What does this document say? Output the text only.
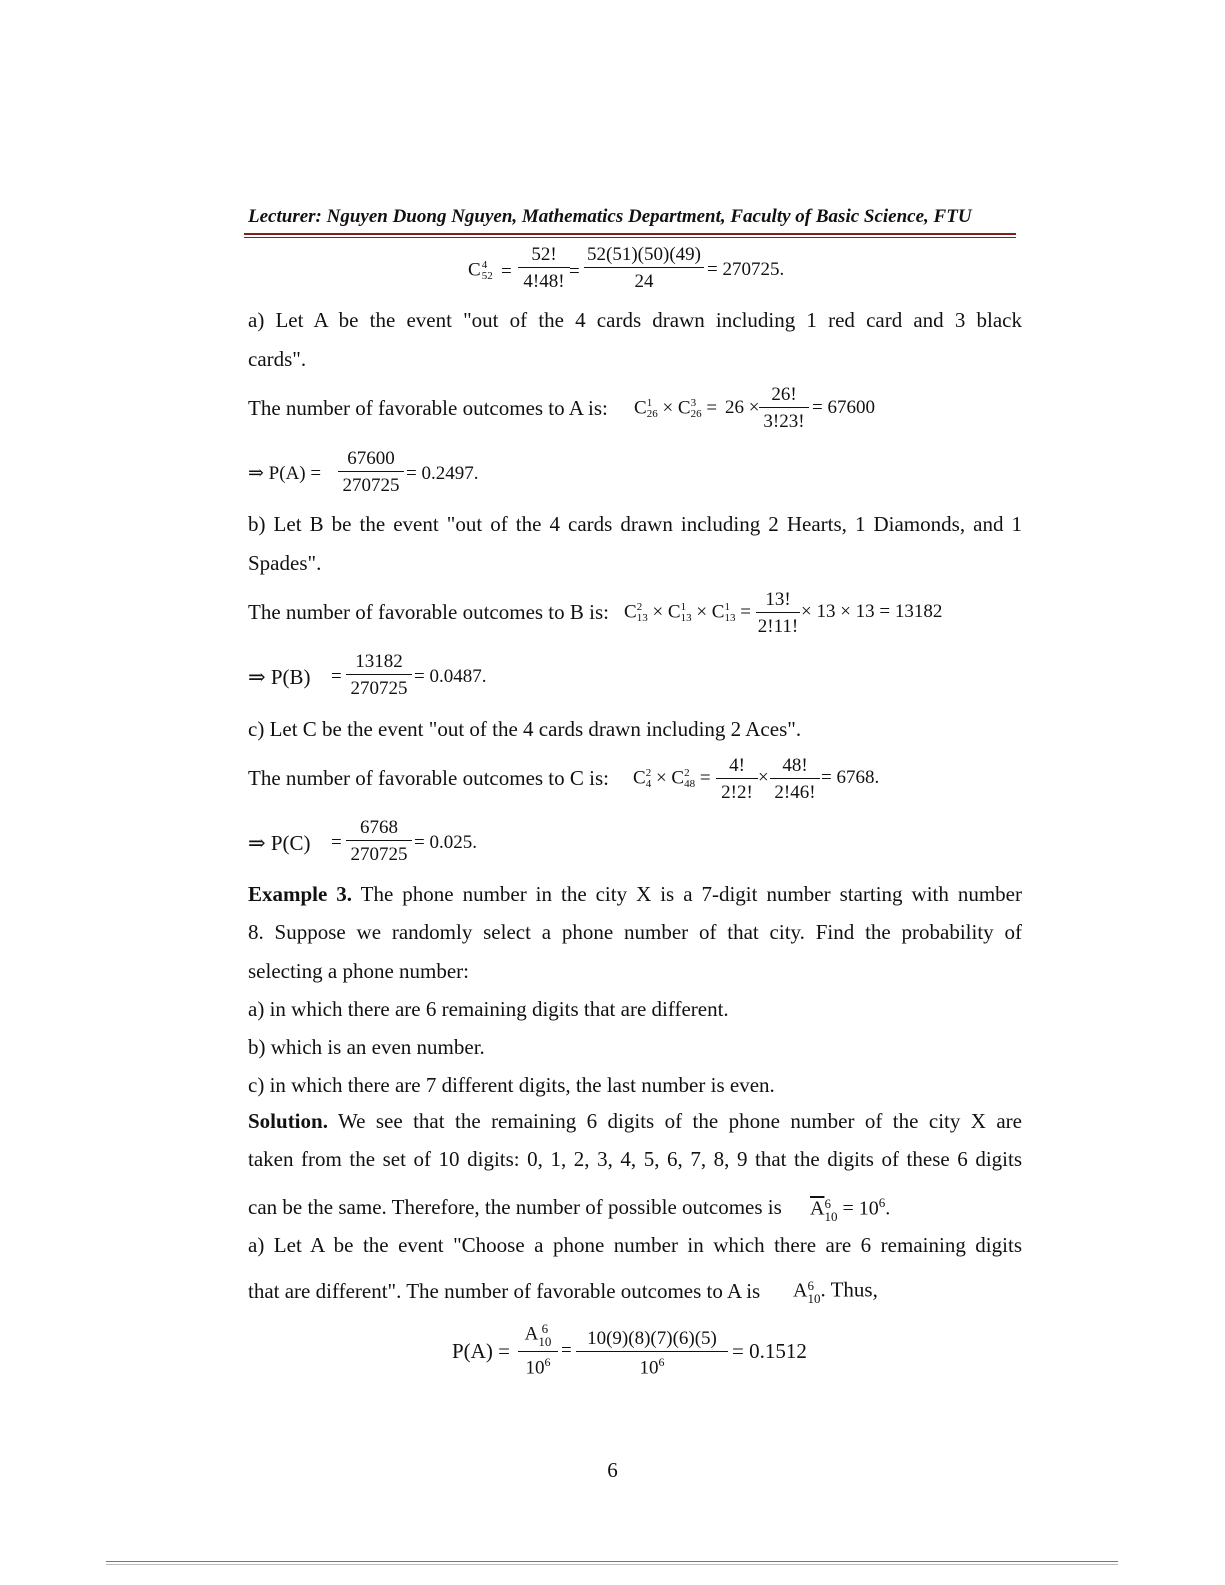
Lecturer: Nguyen Duong Nguyen, Mathematics Department, Faculty of Basic Science, FTU
C 4
$52 = \frac{52!}{4!48!} = \frac{52(51)(50)(49)}{24} = 270725$.
a) Let A be the event "out of the 4 cards drawn including 1 red card and 3 black
cards".
The number of favorable outcomes to A is: C 1
26 × C 3
$26 = 26 \times \frac{26!}{3!23!} = 67600$
⇒ $P(A) = \frac{67600}{270725} = 0.2497$.
b) Let B be the event "out of the 4 cards drawn including 2 Hearts, 1 Diamonds, and 1
Spades".
The number of favorable outcomes to B is: C 2
13 × C 1
13 × C 1
$13 = \frac{13!}{2!11!} \times 13 \times 13 = 13182$
⇒ $P(B) = \frac{13182}{270725} = 0.0487$.
c) Let C be the event "out of the 4 cards drawn including 2 Aces".
The number of favorable outcomes to C is: C 2
4 × C 2
$48 = \frac{4!}{2!2!} \times \frac{48!}{2!46!} = 6768$.
⇒ $P(C) = \frac{6768}{270725} = 0.025$.
Example 3. The phone number in the city X is a 7-digit number starting with number
8. Suppose we randomly select a phone number of that city. Find the probability of
selecting a phone number:
a) in which there are 6 remaining digits that are different.
b) which is an even number.
c) in which there are 7 different digits, the last number is even.
Solution. We see that the remaining 6 digits of the phone number of the city X are
taken from the set of 10 digits: 0, 1, 2, 3, 4, 5, 6, 7, 8, 9 that the digits of these 6 digits
can be the same. Therefore, the number of possible outcomes is $\overline{A}$ 6
$10 = 10^6$.
a) Let A be the event "Choose a phone number in which there are 6 remaining digits
that are different". The number of favorable outcomes to A is A 6
10 . Thus,
P(A) = A 6
10
$10^6 = \frac{10(9)(8)(7)(6)(5)}{10^6} = 0.1512$
6
